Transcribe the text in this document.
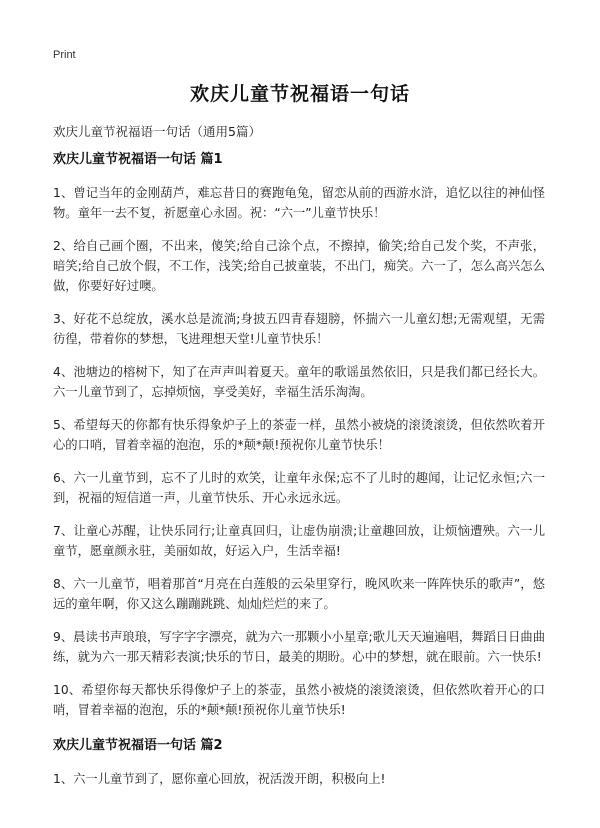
Print
欢庆儿童节祝福语一句话
欢庆儿童节祝福语一句话（通用5篇）
欢庆儿童节祝福语一句话 篇1

1、曾记当年的金刚葫芦，难忘昔日的赛跑龟兔，留恋从前的西游水浒，追忆以往的神仙怪物。童年一去不复，祈愿童心永固。祝：“六一”儿童节快乐！

2、给自己画个圈，不出来，傻笑;给自己涂个点，不擦掉，偷笑;给自己发个奖，不声张，暗笑;给自己放个假，不工作，浅笑;给自己披童装，不出门，痴笑。六一了，怎么高兴怎么做，你要好好过噢。

3、好花不总绽放，溪水总是流淌;身披五四青春翅膀，怀揣六一儿童幻想;无需观望，无需彷徨，带着你的梦想，飞进理想天堂!儿童节快乐！

4、池塘边的榕树下，知了在声声叫着夏天。童年的歌谣虽然依旧，只是我们都已经长大。六一儿童节到了，忘掉烦恼，享受美好，幸福生活乐淘淘。

5、希望每天的你都有快乐得象炉子上的茶壶一样，虽然小被烧的滚烫滚烫，但依然吹着开心的口哨，冒着幸福的泡泡，乐的*颠*颠!预祝你儿童节快乐！

6、六一儿童节到，忘不了儿时的欢笑，让童年永保;忘不了儿时的趣闻，让记忆永恒;六一到，祝福的短信道一声，儿童节快乐、开心永远永远。

7、让童心苏醒，让快乐同行;让童真回归，让虚伪崩溃;让童趣回放，让烦恼遭殃。六一儿童节，愿童颜永驻，美丽如故，好运入户，生活幸福!

8、六一儿童节，唱着那首“月亮在白莲般的云朵里穿行，晚风吹来一阵阵快乐的歌声”，悠远的童年啊，你又这么蹦蹦跳跳、灿灿烂烂的来了。

9、晨读书声琅琅，写字字字漂亮，就为六一那颗小小星章;歌儿天天遍遍唱，舞蹈日日曲曲练，就为六一那天精彩表演;快乐的节日，最美的期盼。心中的梦想，就在眼前。六一快乐!

10、希望你每天都快乐得像炉子上的茶壶，虽然小被烧的滚烫滚烫，但依然吹着开心的口哨，冒着幸福的泡泡，乐的*颠*颠!预祝你儿童节快乐!

欢庆儿童节祝福语一句话 篇2

1、六一儿童节到了，愿你童心回放，祝活泼开朗，积极向上!
